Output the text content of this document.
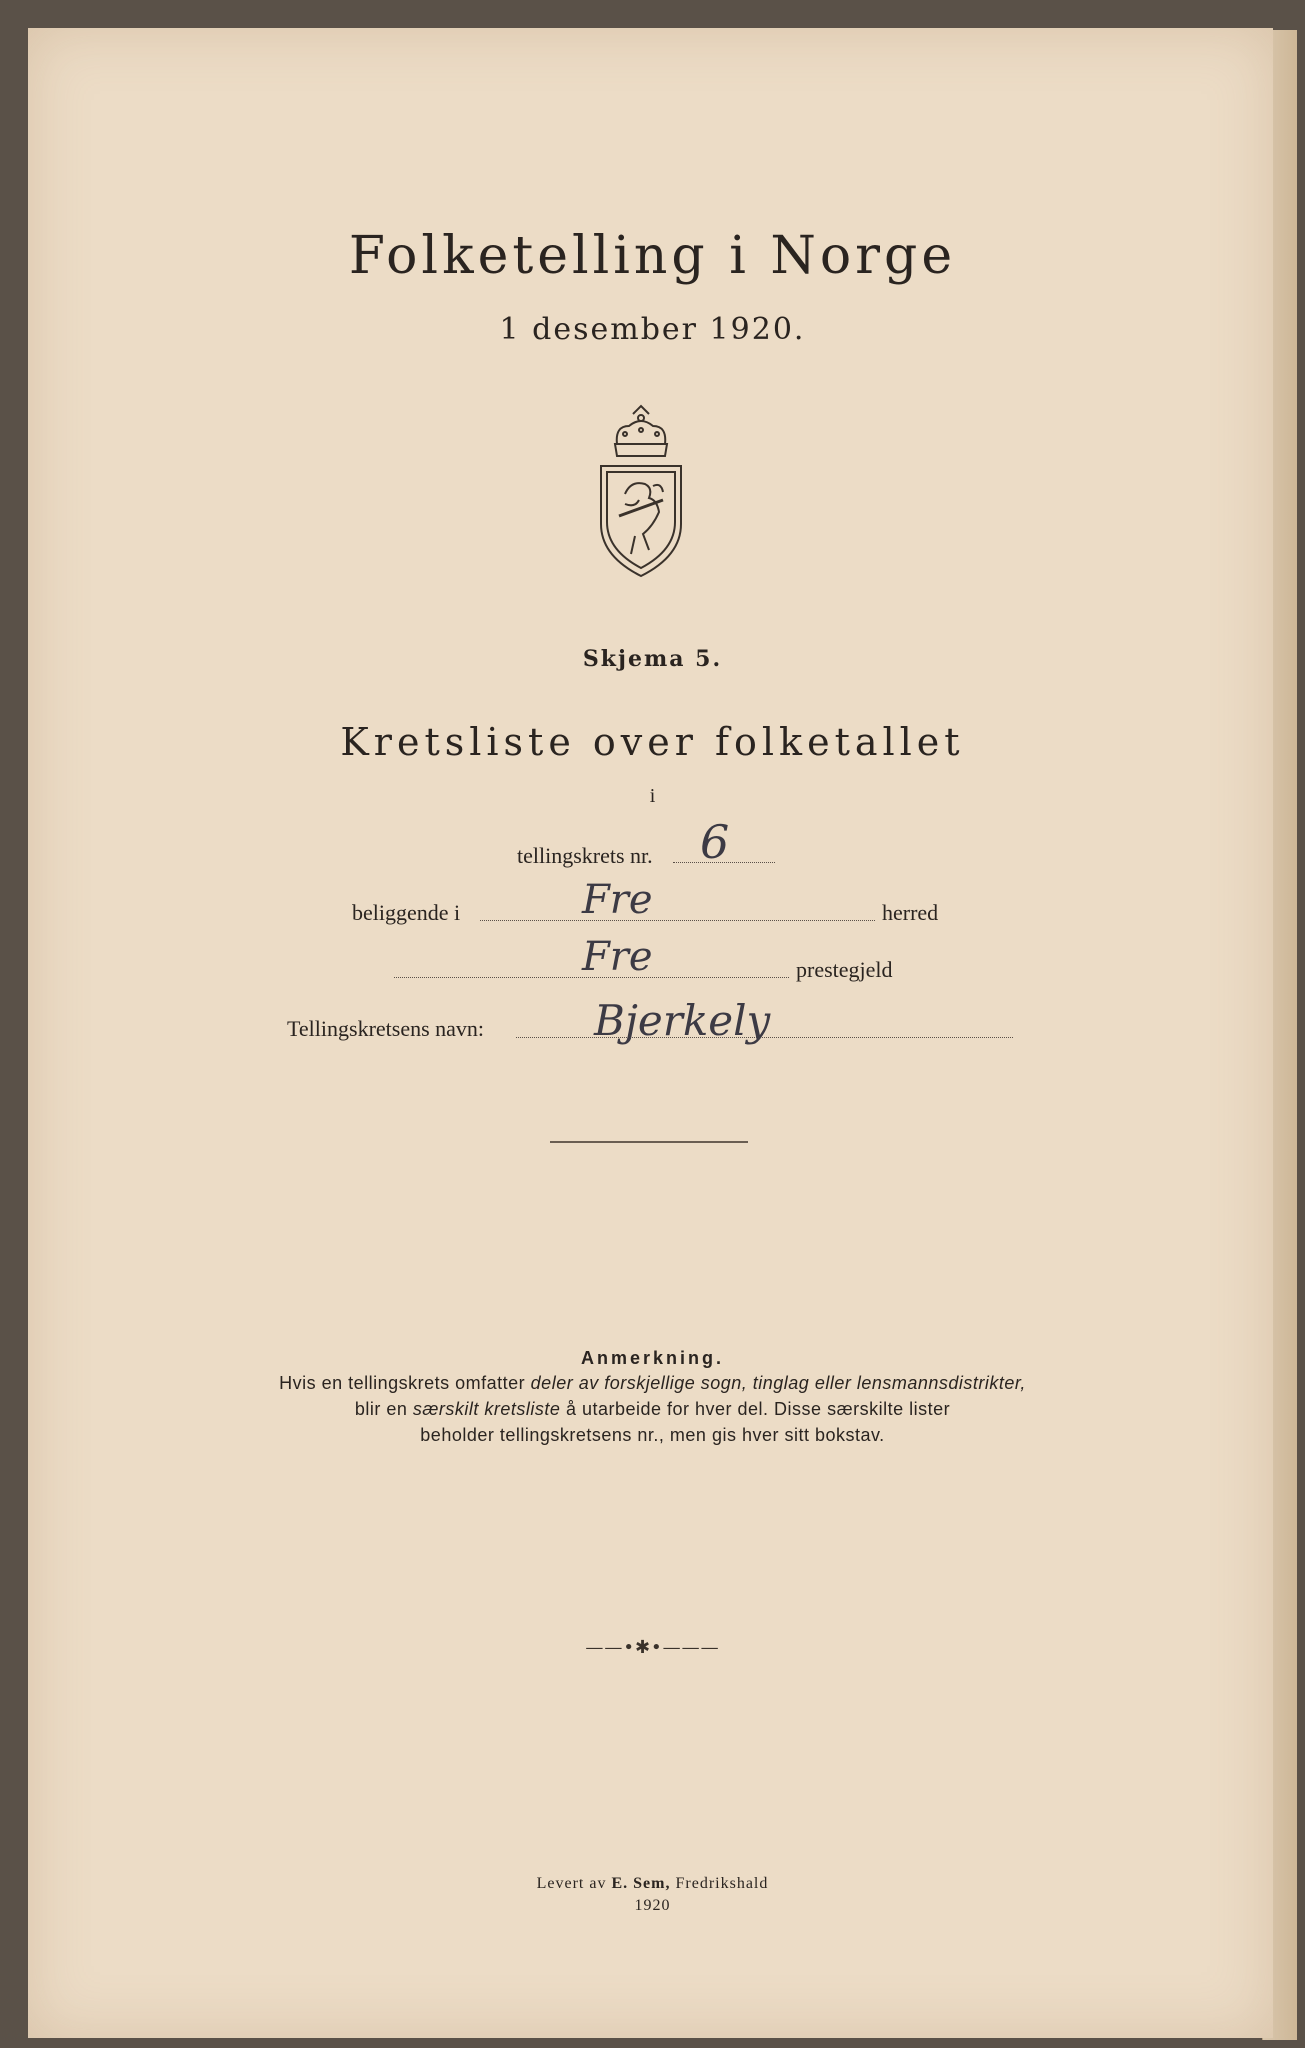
Folketelling i Norge
1 desember 1920.
Skjema 5.
Kretsliste over folketallet
i
tellingskrets nr. 6
beliggende i	Fre	herred
Fre	prestegjeld
Tellingskretsens navn:	Bjerkely
Anmerkning.
Hvis en tellingskrets omfatter deler av forskjellige sogn, tinglag eller lensmannsdistrikter,
blir en særskilt kretsliste å utarbeide for hver del. Disse særskilte lister
beholder tellingskretsens nr., men gis hver sitt bokstav.
——•✱•———
Levert av E. Sem, Fredrikshald
1920
